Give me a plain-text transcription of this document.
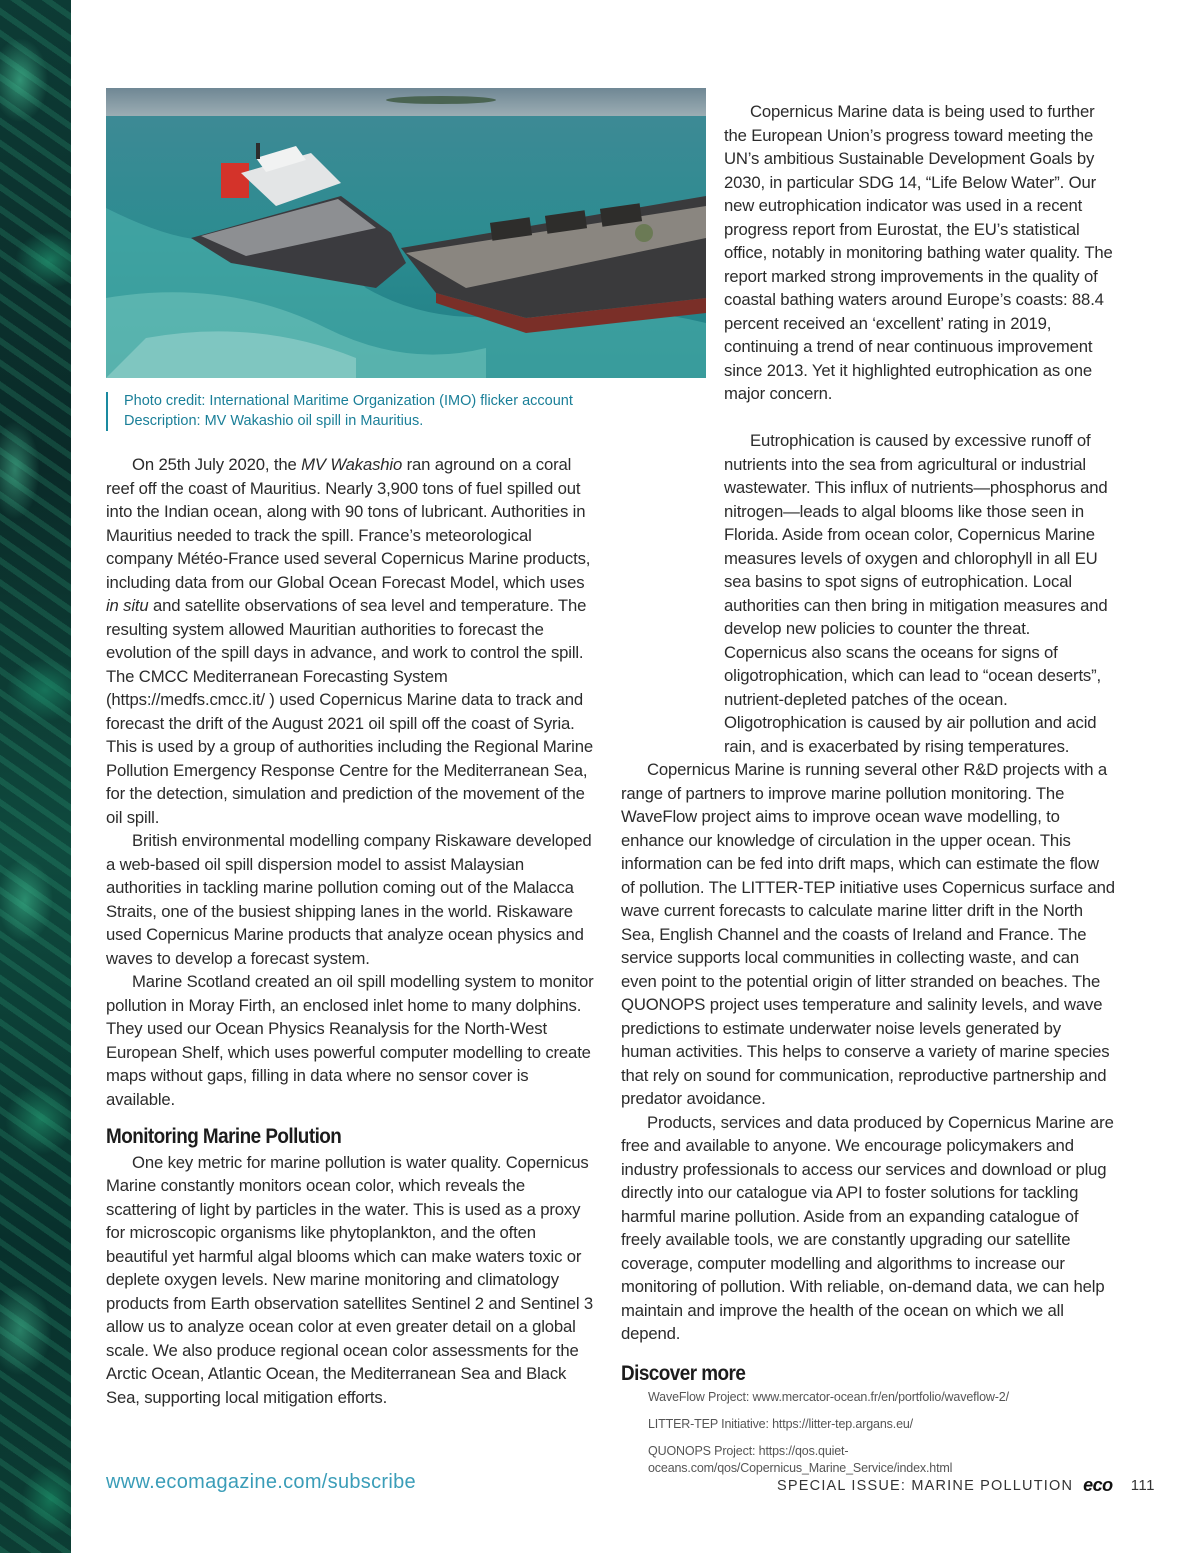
Photo credit: International Maritime Organization (IMO) flicker account
Description: MV Wakashio oil spill in Mauritius.

On 25th July 2020, the MV Wakashio ran aground on a coral reef off the coast of Mauritius. Nearly 3,900 tons of fuel spilled out into the Indian ocean, along with 90 tons of lubricant. Authorities in Mauritius needed to track the spill. France’s meteorological company Météo-France used several Copernicus Marine products, including data from our Global Ocean Forecast Model, which uses in situ and satellite observations of sea level and temperature. The resulting system allowed Mauritian authorities to forecast the evolution of the spill days in advance, and work to control the spill. The CMCC Mediterranean Forecasting System (https://medfs.cmcc.it/ ) used Copernicus Marine data to track and forecast the drift of the August 2021 oil spill off the coast of Syria. This is used by a group of authorities including the Regional Marine Pollution Emergency Response Centre for the Mediterranean Sea, for the detection, simulation and prediction of the movement of the oil spill.

British environmental modelling company Riskaware developed a web-based oil spill dispersion model to assist Malaysian authorities in tackling marine pollution coming out of the Malacca Straits, one of the busiest shipping lanes in the world. Riskaware used Copernicus Marine products that analyze ocean physics and waves to develop a forecast system.

Marine Scotland created an oil spill modelling system to monitor pollution in Moray Firth, an enclosed inlet home to many dolphins. They used our Ocean Physics Reanalysis for the North-West European Shelf, which uses powerful computer modelling to create maps without gaps, filling in data where no sensor cover is available.

Monitoring Marine Pollution

One key metric for marine pollution is water quality. Copernicus Marine constantly monitors ocean color, which reveals the scattering of light by particles in the water. This is used as a proxy for microscopic organisms like phytoplankton, and the often beautiful yet harmful algal blooms which can make waters toxic or deplete oxygen levels. New marine monitoring and climatology products from Earth observation satellites Sentinel 2 and Sentinel 3 allow us to analyze ocean color at even greater detail on a global scale. We also produce regional ocean color assessments for the Arctic Ocean, Atlantic Ocean, the Mediterranean Sea and Black Sea, supporting local mitigation efforts.

Copernicus Marine data is being used to further the European Union’s progress toward meeting the UN’s ambitious Sustainable Development Goals by 2030, in particular SDG 14, “Life Below Water”. Our new eutrophication indicator was used in a recent progress report from Eurostat, the EU’s statistical office, notably in monitoring bathing water quality. The report marked strong improvements in the quality of coastal bathing waters around Europe’s coasts: 88.4 percent received an ‘excellent’ rating in 2019, continuing a trend of near continuous improvement since 2013. Yet it highlighted eutrophication as one major concern.

Eutrophication is caused by excessive runoff of nutrients into the sea from agricultural or industrial wastewater. This influx of nutrients—phosphorus and nitrogen—leads to algal blooms like those seen in Florida. Aside from ocean color, Copernicus Marine measures levels of oxygen and chlorophyll in all EU sea basins to spot signs of eutrophication. Local authorities can then bring in mitigation measures and develop new policies to counter the threat. Copernicus also scans the oceans for signs of oligotrophication, which can lead to “ocean deserts”, nutrient-depleted patches of the ocean. Oligotrophication is caused by air pollution and acid rain, and is exacerbated by rising temperatures.

Copernicus Marine is running several other R&D projects with a range of partners to improve marine pollution monitoring. The WaveFlow project aims to improve ocean wave modelling, to enhance our knowledge of circulation in the upper ocean. This information can be fed into drift maps, which can estimate the flow of pollution. The LITTER-TEP initiative uses Copernicus surface and wave current forecasts to calculate marine litter drift in the North Sea, English Channel and the coasts of Ireland and France. The service supports local communities in collecting waste, and can even point to the potential origin of litter stranded on beaches. The QUONOPS project uses temperature and salinity levels, and wave predictions to estimate underwater noise levels generated by human activities. This helps to conserve a variety of marine species that rely on sound for communication, reproductive partnership and predator avoidance.

Products, services and data produced by Copernicus Marine are free and available to anyone. We encourage policymakers and industry professionals to access our services and download or plug directly into our catalogue via API to foster solutions for tackling harmful marine pollution. Aside from an expanding catalogue of freely available tools, we are constantly upgrading our satellite coverage, computer modelling and algorithms to increase our monitoring of pollution. With reliable, on-demand data, we can help maintain and improve the health of the ocean on which we all depend.

Discover more
WaveFlow Project: www.mercator-ocean.fr/en/portfolio/waveflow-2/
LITTER-TEP Initiative: https://litter-tep.argans.eu/
QUONOPS Project: https://qos.quiet-oceans.com/qos/Copernicus_Marine_Service/index.html
www.ecomagazine.com/subscribe	SPECIAL ISSUE: MARINE POLLUTION eco 111
